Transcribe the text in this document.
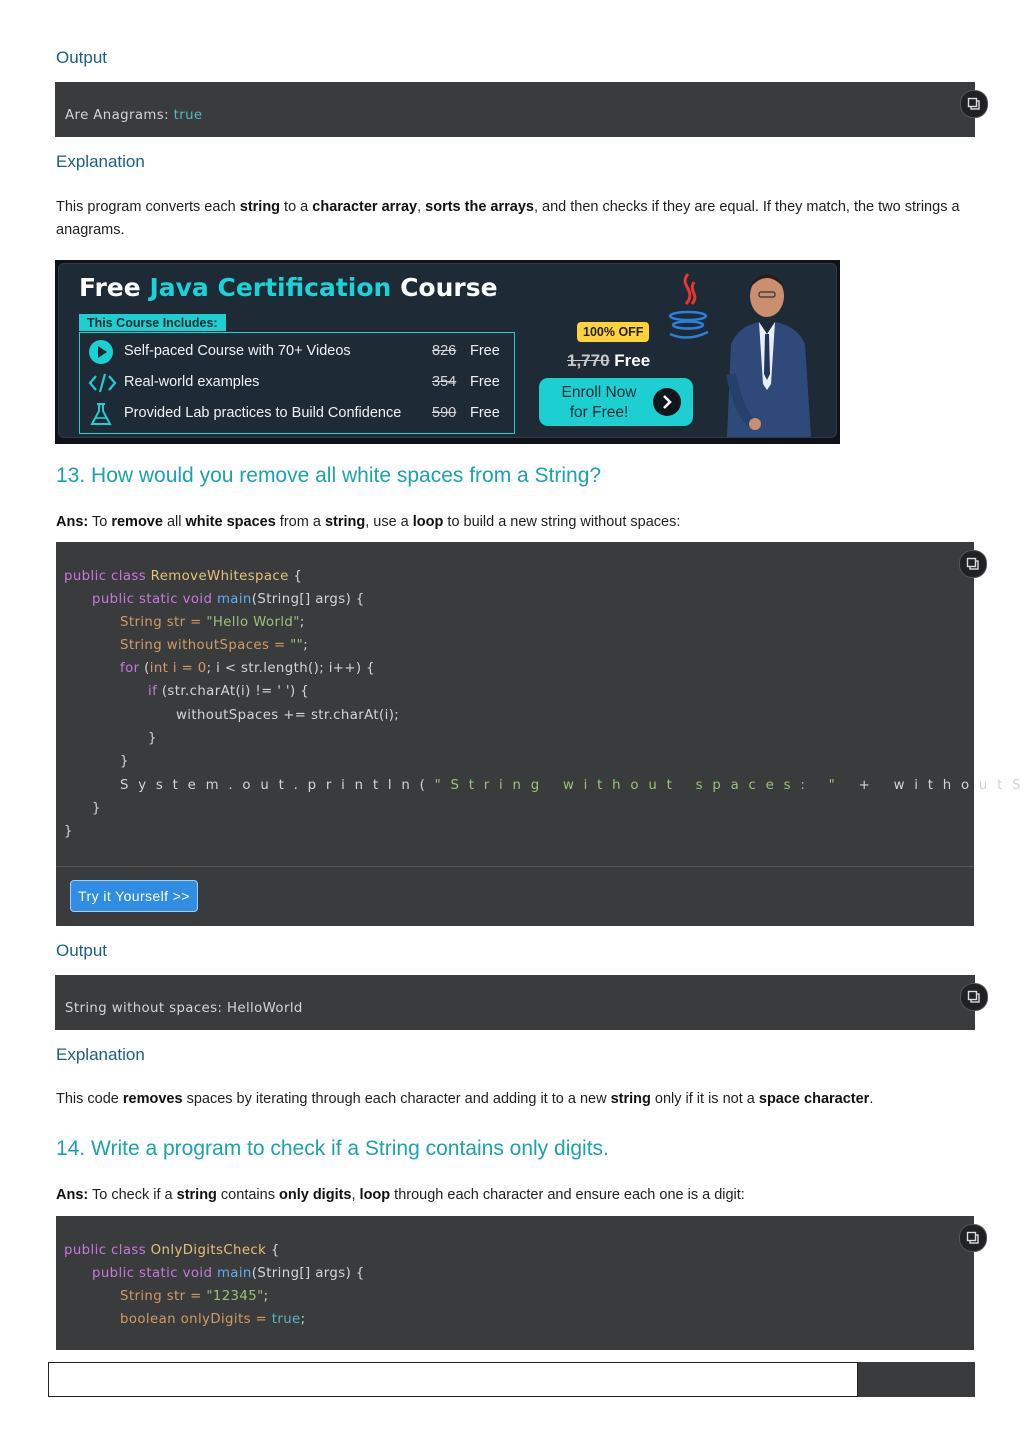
Output
Are Anagrams: true
Explanation
This program converts each string to a character array, sorts the arrays, and then checks if they are equal. If they match, the two strings a
anagrams.
Free Java Certification Course
This Course Includes:
Self-paced Course with 70+ Videos	826 Free
Real-world examples	354 Free
Provided Lab practices to Build Confidence 590 Free
100% OFF
1,770 Free
Enroll Now
for Free!
13. How would you remove all white spaces from a String?
Ans: To remove all white spaces from a string, use a loop to build a new string without spaces:
public class RemoveWhitespace {
public static void main(String[] args) {
String str = "Hello World";
String withoutSpaces = "";
for (int i = 0; i < str.length(); i++) {
if (str.charAt(i) != ' ') {
withoutSpaces += str.charAt(i);
}
}
System.out.println("String without spaces: " + withoutS
}
}
Try it Yourself >>
Output
String without spaces: HelloWorld
Explanation
This code removes spaces by iterating through each character and adding it to a new string only if it is not a space character.
14. Write a program to check if a String contains only digits.
Ans: To check if a string contains only digits, loop through each character and ensure each one is a digit:
public class OnlyDigitsCheck {
public static void main(String[] args) {
String str = "12345";
boolean onlyDigits = true;
